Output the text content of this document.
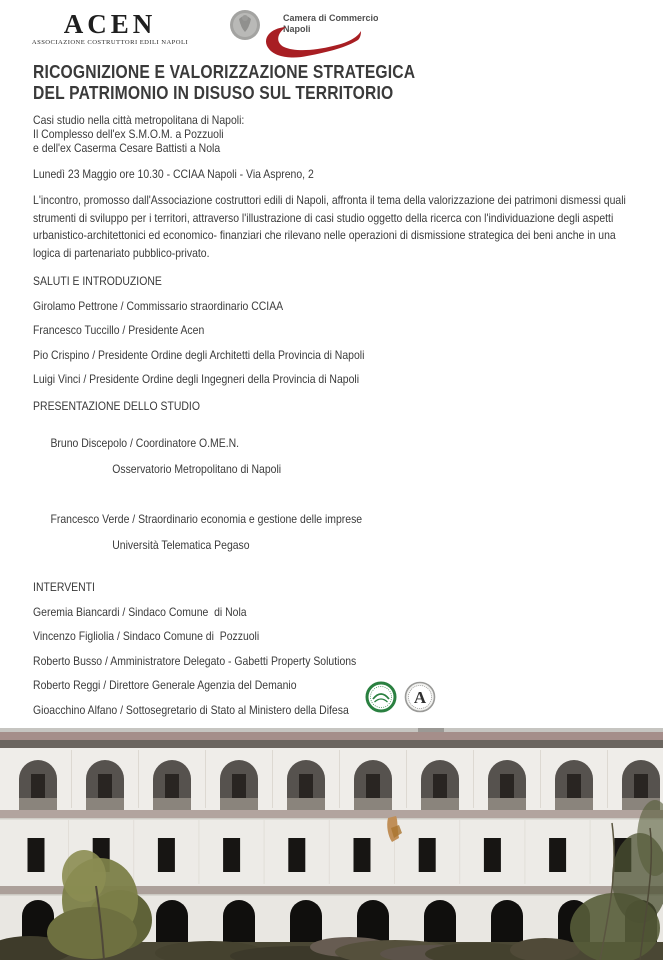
ACEN
ASSOCIAZIONE COSTRUTTORI EDILI NAPOLI
Camera di Commercio
Napoli
RICOGNIZIONE E VALORIZZAZIONE STRATEGICA
DEL PATRIMONIO IN DISUSO SUL TERRITORIO
Casi studio nella città metropolitana di Napoli:
Il Complesso dell'ex S.M.O.M. a Pozzuoli
e dell'ex Caserma Cesare Battisti a Nola
Lunedì 23 Maggio ore 10.30 - CCIAA Napoli - Via Aspreno, 2
L'incontro, promosso dall'Associazione costruttori edili di Napoli, affronta il tema della valorizzazione dei patrimoni dismessi quali strumenti di sviluppo per i territori, attraverso l'illustrazione di casi studio oggetto della ricerca con l'individuazione degli aspetti urbanistico-architettonici ed economico- finanziari che rilevano nelle operazioni di dismissione strategica dei beni anche in una logica di partenariato pubblico-privato.
SALUTI E INTRODUZIONE
Girolamo Pettrone / Commissario straordinario CCIAA
Francesco Tuccillo / Presidente Acen
Pio Crispino / Presidente Ordine degli Architetti della Provincia di Napoli
Luigi Vinci / Presidente Ordine degli Ingegneri della Provincia di Napoli
PRESENTAZIONE DELLO STUDIO

Bruno Discepolo / Coordinatore O.ME.N.

Osservatorio Metropolitano di Napoli

Francesco Verde / Straordinario economia e gestione delle imprese

Università Telematica Pegaso

INTERVENTI
Geremia Biancardi / Sindaco Comune  di Nola
Vincenzo Figliolia / Sindaco Comune di  Pozzuoli
Roberto Busso / Amministratore Delegato - Gabetti Property Solutions
Roberto Reggi / Direttore Generale Agenzia del Demanio
Gioacchino Alfano / Sottosegretario di Stato al Ministero della Difesa
A
